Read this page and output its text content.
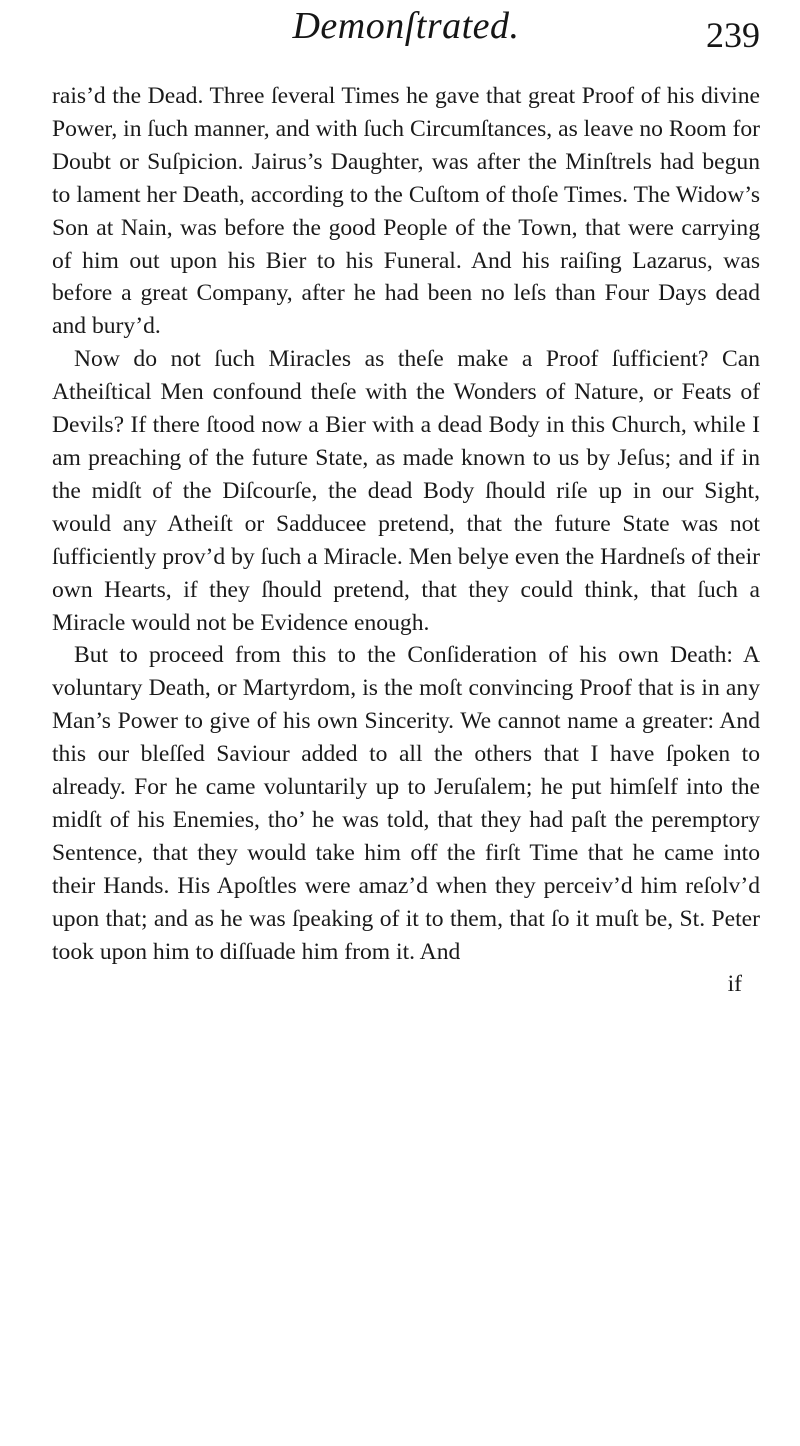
Demonſtrated.	239

rais’d the Dead. Three ſeveral Times he gave that great Proof of his divine Power, in ſuch manner, and with ſuch Circumſtances, as leave no Room for Doubt or Suſpicion. Jairus’s Daughter, was after the Minſtrels had begun to lament her Death, according to the Cuſtom of thoſe Times. The Widow’s Son at Nain, was before the good People of the Town, that were carrying of him out upon his Bier to his Funeral. And his raiſing Lazarus, was before a great Company, after he had been no leſs than Four Days dead and bury’d.

Now do not ſuch Miracles as theſe make a Proof ſufficient? Can Atheiſtical Men confound theſe with the Wonders of Nature, or Feats of Devils? If there ſtood now a Bier with a dead Body in this Church, while I am preaching of the future State, as made known to us by Jeſus; and if in the midſt of the Diſcourſe, the dead Body ſhould riſe up in our Sight, would any Atheiſt or Sadducee pretend, that the future State was not ſufficiently prov’d by ſuch a Miracle. Men belye even the Hardneſs of their own Hearts, if they ſhould pretend, that they could think, that ſuch a Miracle would not be Evidence enough.

But to proceed from this to the Conſideration of his own Death: A voluntary Death, or Martyrdom, is the moſt convincing Proof that is in any Man’s Power to give of his own Sincerity. We cannot name a greater: And this our bleſſed Saviour added to all the others that I have ſpoken to already. For he came voluntarily up to Jeruſalem; he put himſelf into the midſt of his Enemies, tho’ he was told, that they had paſt the peremptory Sentence, that they would take him off the firſt Time that he came into their Hands. His Apoſtles were amaz’d when they perceiv’d him reſolv’d upon that; and as he was ſpeaking of it to them, that ſo it muſt be, St. Peter took upon him to diſſuade him from it. And

if
